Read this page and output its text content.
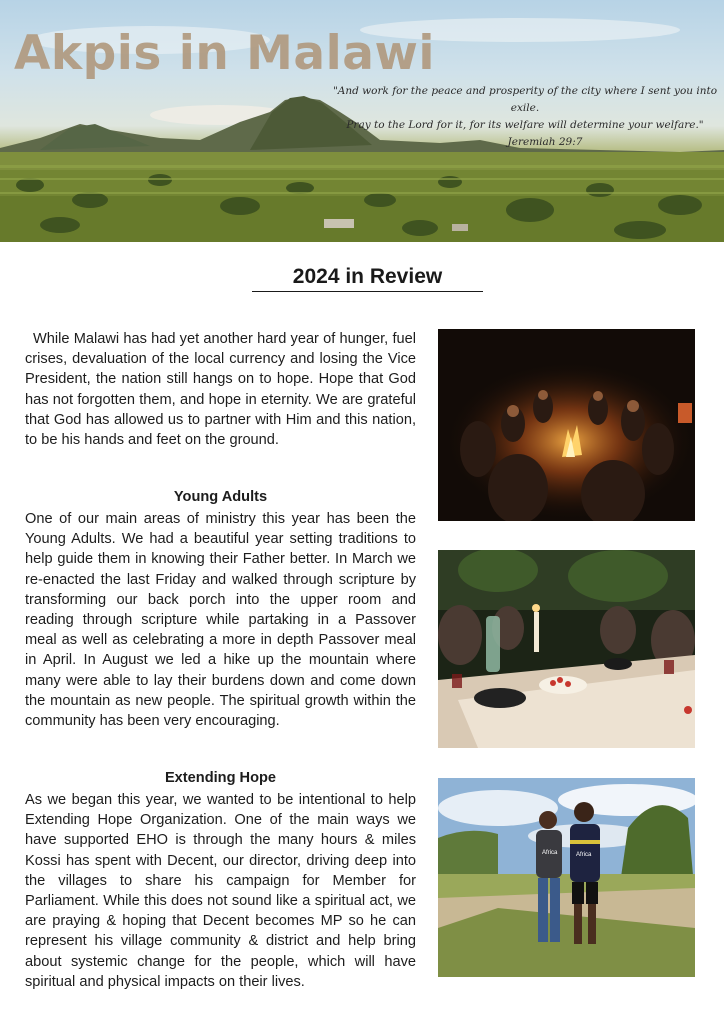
Akpis in Malawi
"And work for the peace and prosperity of the city where I sent you into exile.
Pray to the Lord for it, for its welfare will determine your welfare."

Jeremiah 29:7
2024 in Review

While Malawi has had yet another hard year of hunger, fuel crises, devaluation of the local currency and losing the Vice President, the nation still hangs on to hope. Hope that God has not forgotten them, and hope in eternity. We are grateful that God has allowed us to partner with Him and this nation, to be his hands and feet on the ground.

Young Adults

One of our main areas of ministry this year has been the Young Adults. We had a beautiful year setting traditions to help guide them in knowing their Father better. In March we re-enacted the last Friday and walked through scripture by transforming our back porch into the upper room and reading through scripture while partaking in a Passover meal as well as celebrating a more in depth Passover meal in April. In August we led a hike up the mountain where many were able to lay their burdens down and come down the mountain as new people. The spiritual growth within the community has been very encouraging.

Extending Hope

As we began this year, we wanted to be intentional to help Extending Hope Organization. One of the main ways we have supported EHO is through the many hours & miles Kossi has spent with Decent, our director, driving deep into the villages to share his campaign for Member for Parliament. While this does not sound like a spiritual act, we are praying & hoping that Decent becomes MP so he can represent his village community & district and help bring about systemic change for the people, which will have spiritual and physical impacts on their lives.

Africa	Africa
